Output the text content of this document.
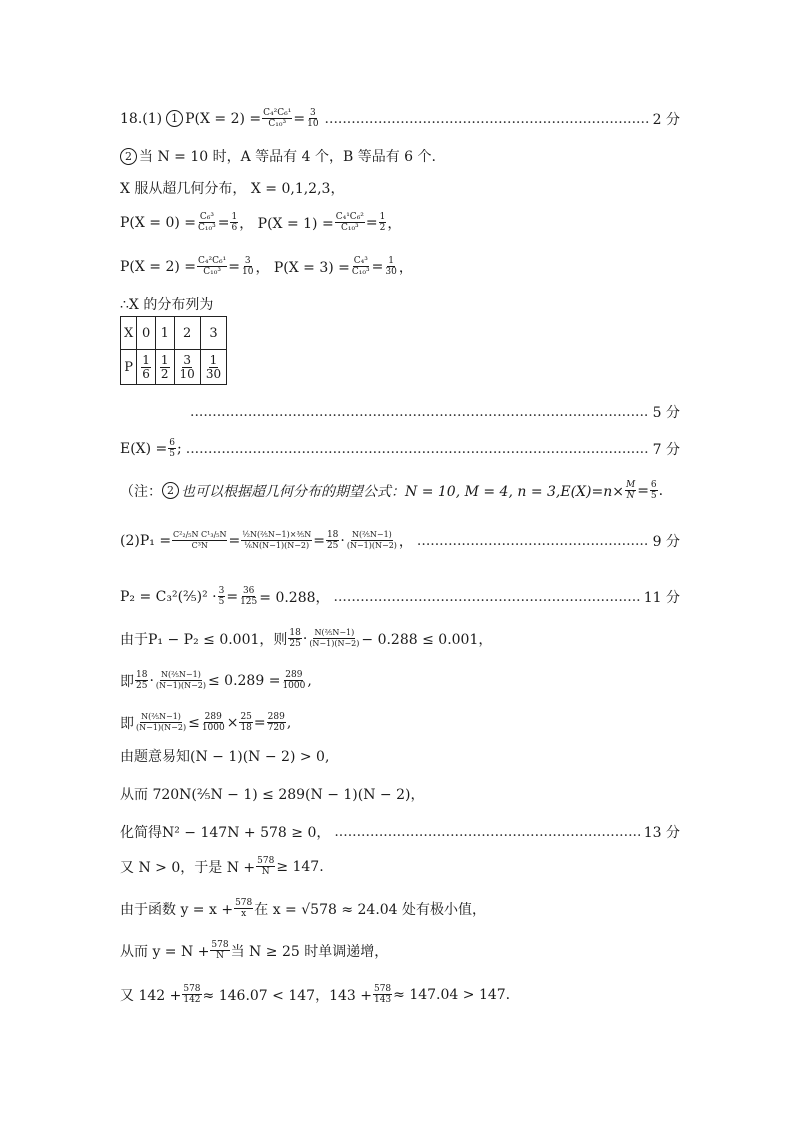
18.(1) 1 $P(X = 2) = \frac{\text{C₄²C₆¹}}{\text{C₁₀³}} = \frac{3}{10}$ .....	2 分
2 当 N = 10 时，A 等品有 4 个，B 等品有 6 个.
X 服从超几何分布， X = 0,1,2,3，
$P(X = 0) = \frac{\text{C₆³}}{\text{C₁₀³}} = \frac{1}{6}$ ， $P(X = 1) = \frac{\text{C₄¹C₆²}}{\text{C₁₀³}} = \frac{1}{2}$ ，
$P(X = 2) = \frac{\text{C₄²C₆¹}}{\text{C₁₀³}} = \frac{3}{10}$ ， $P(X = 3) = \frac{\text{C₄³}}{\text{C₁₀³}} = \frac{1}{30}$ ，
∴X 的分布列为
X	0	1	2	3
P	$\frac{1}{6}$	$\frac{1}{2}$	$\frac{3}{10}$	$\frac{1}{30}$
.....
5 分
$E(X) = \frac{6}{5}$ ; .....	7 分
（注： 2 也可以根据超几何分布的期望公式：N = 10, M = 4, $n = 3,E(X)=n\times \frac{M}{N} = \frac{6}{5}$ .
$(2)P_1 = \frac{\text{C²₂/₅N C¹₃/₅N}}{\text{C³N}} = \frac{\text{½N(⅖N−1)×⅗N}}{\text{⅙N(N−1)(N−2)}} = \frac{18}{25} \cdot \frac{\text{N(⅖N−1)}}{(N-1)(N-2)}$ ， .....	9 分
P₂ = C₃²(⅖)² · $\frac{3}{5} = \frac{36}{125} = 0.288$， .....	11 分
由于P₁ − P₂ ≤ 0.001，则 $\frac{18}{25} \cdot \frac{\text{N(⅖N−1)}}{(N-1)(N-2)} - 0.288 \le 0.001$，
即 $\frac{18}{25} \cdot \frac{\text{N(⅖N−1)}}{(N-1)(N-2)} \le 0.289 = \frac{289}{1000}$ ,
即 $\frac{\text{N(⅖N−1)}}{(N-1)(N-2)} \le \frac{289}{1000} \times \frac{25}{18} = \frac{289}{720}$ ,
由题意易知(N − 1)(N − 2) > 0,
从而 720N(⅖N − 1) ≤ 289(N − 1)(N − 2)，
化简得N² − 147N + 578 ≥ 0， .....	13 分
又 N > 0，于是 $N + \frac{578}{N} \ge 147$.
由于函数 $y = x + \frac{578}{x}$ 在 x = √578 ≈ 24.04 处有极小值，
从而 $y = N + \frac{578}{N}$ 当 N ≥ 25 时单调递增，
又 $142 + \frac{578}{142} \approx 146.07 < 147$，$143 + \frac{578}{143} \approx 147.04 > 147$.
